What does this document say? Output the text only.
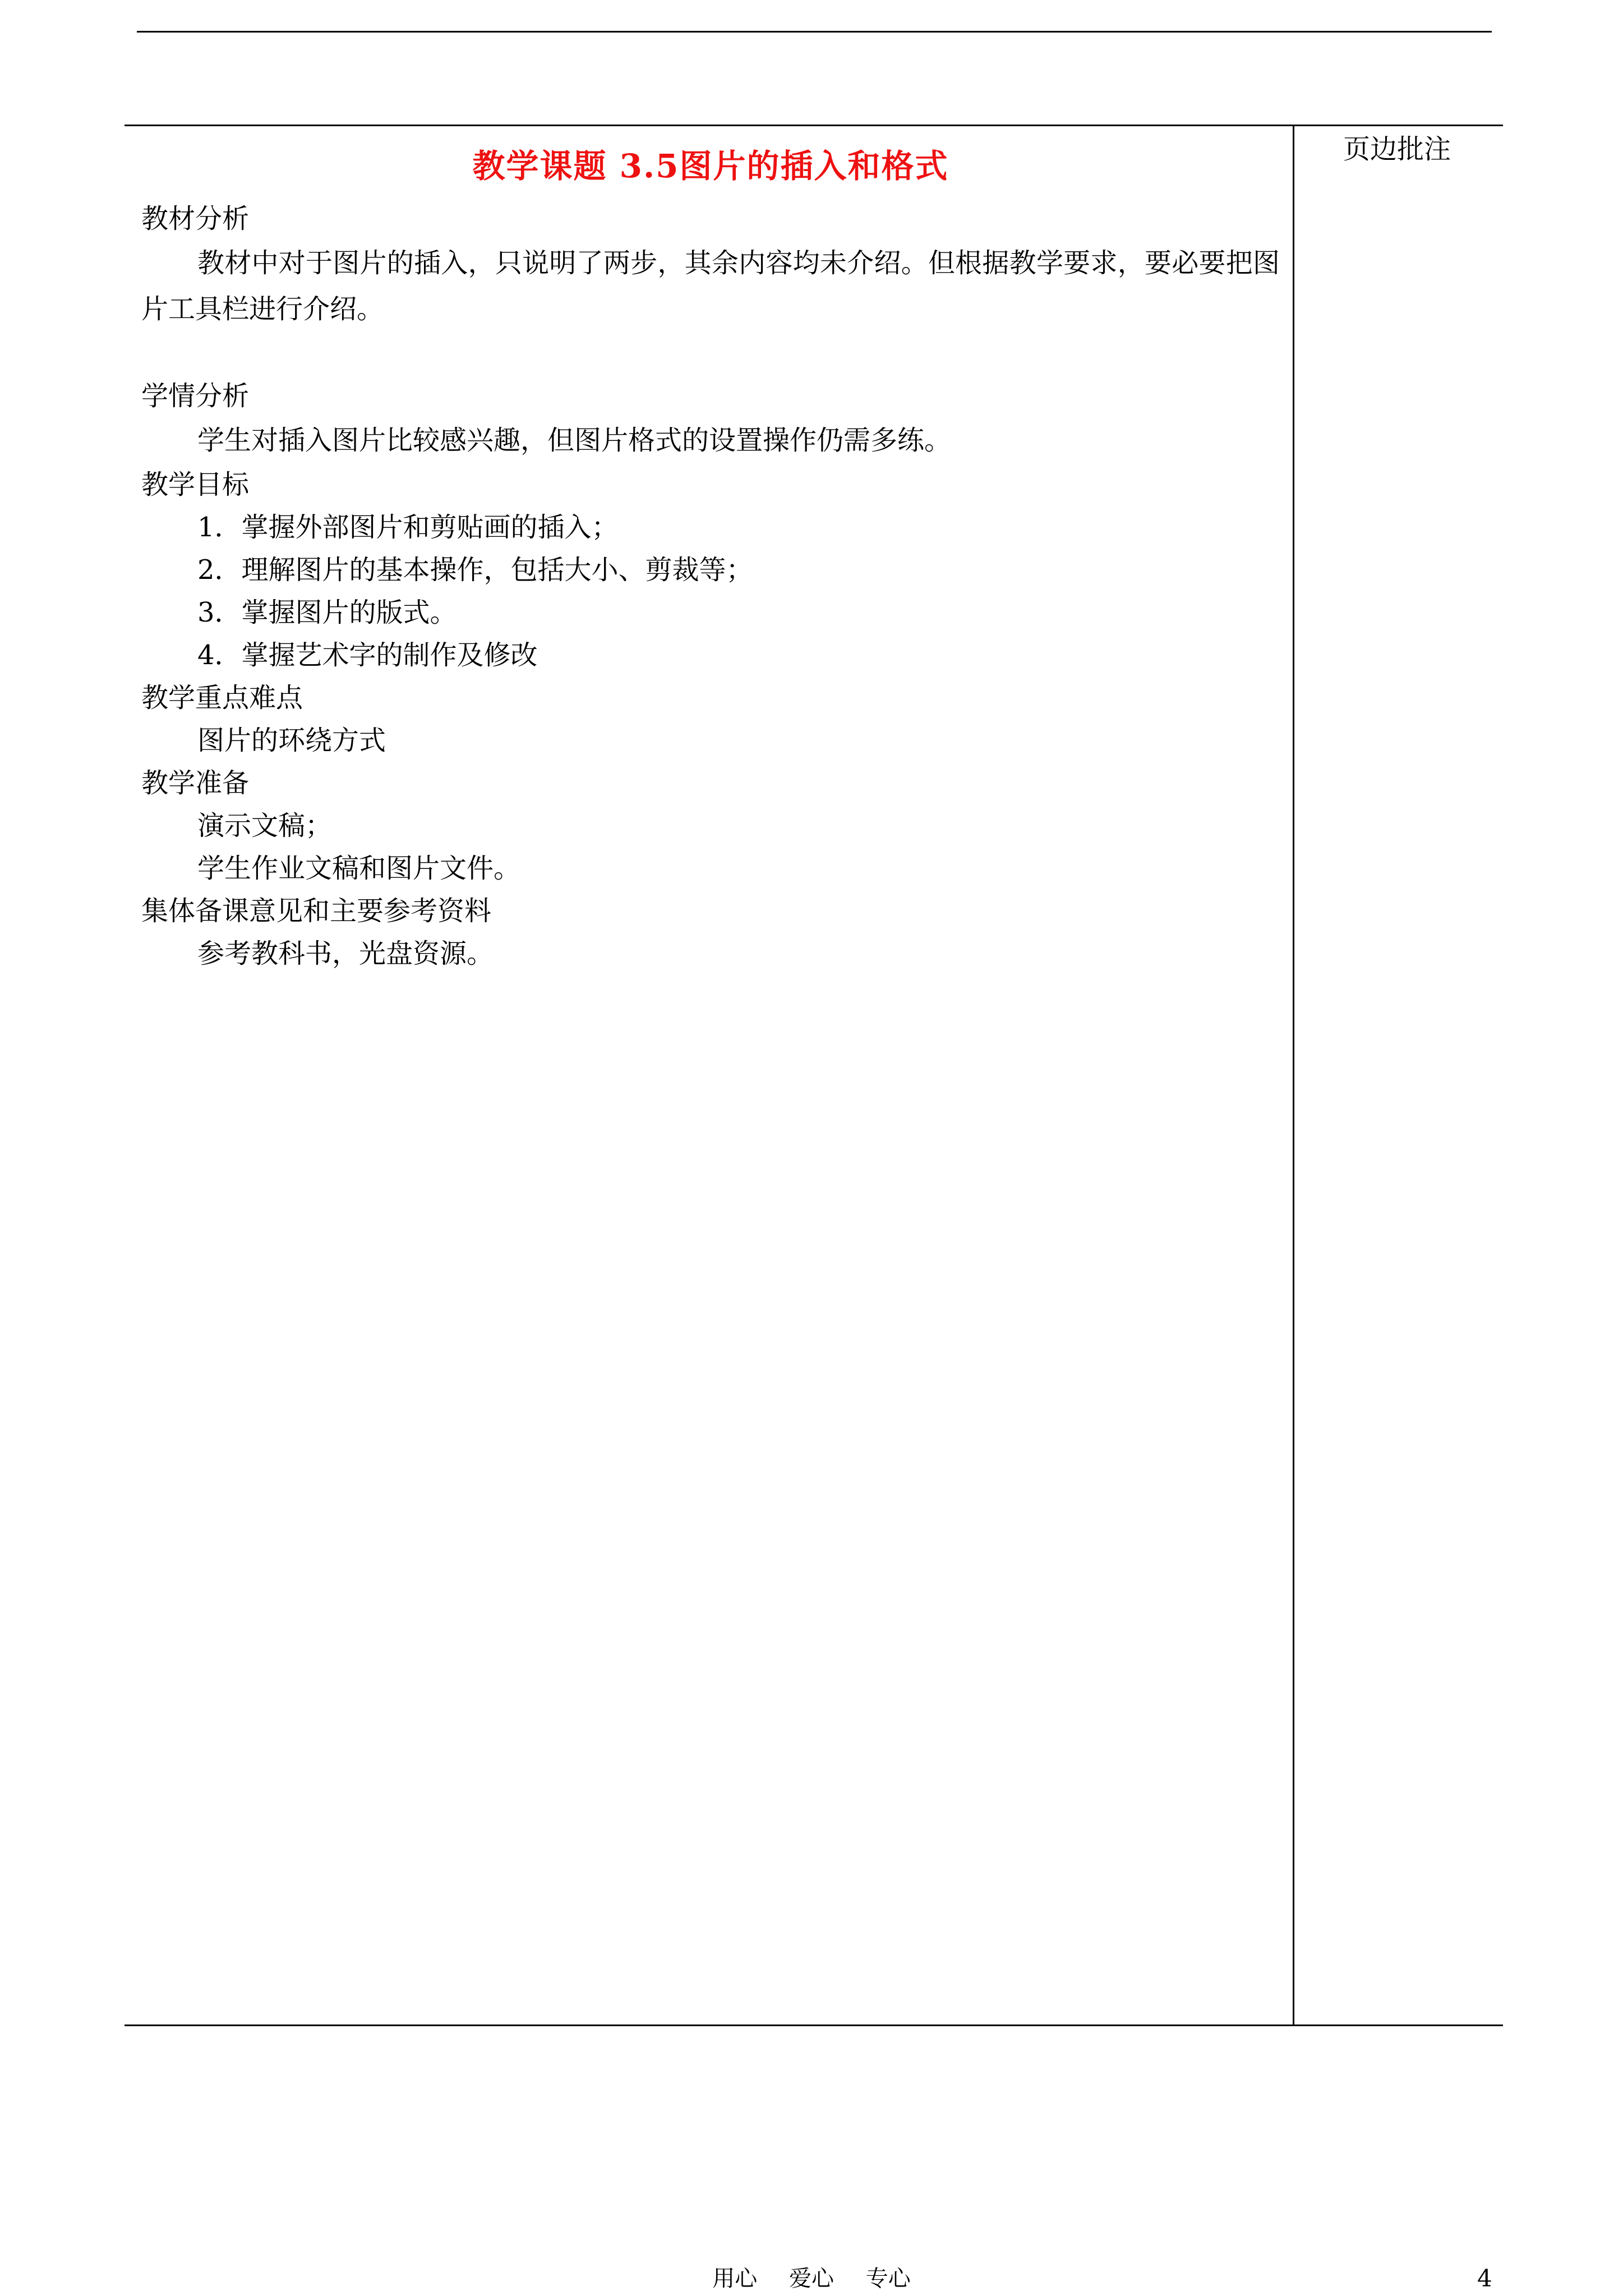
教学课题 3.5图片的插入和格式

教材分析

教材中对于图片的插入，只说明了两步，其余内容均未介绍。但根据教学要求，要必要把图片工具栏进行介绍。

学情分析

学生对插入图片比较感兴趣，但图片格式的设置操作仍需多练。

教学目标

1．掌握外部图片和剪贴画的插入；

2．理解图片的基本操作，包括大小、剪裁等；

3．掌握图片的版式。

4．掌握艺术字的制作及修改

教学重点难点

图片的环绕方式

教学准备

演示文稿；

学生作业文稿和图片文件。

集体备课意见和主要参考资料

参考教科书，光盘资源。

页边批注
用心 爱心 专心	4
